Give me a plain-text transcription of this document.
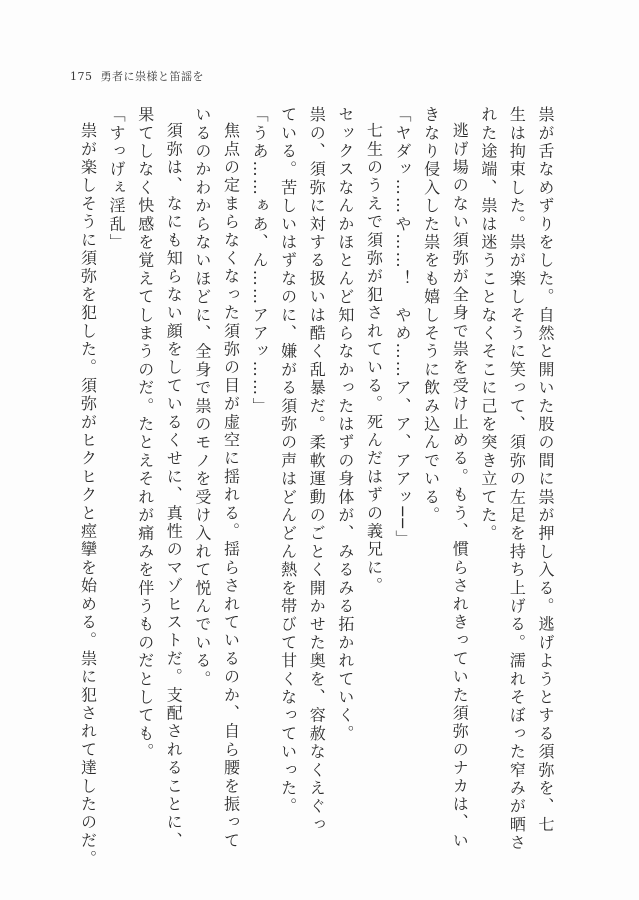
175 勇者に祟様と笛謡を
祟が舌なめずりをした。自然と開いた股の間に祟が押し入る。逃げようとする須弥を、七
生は拘束した。祟が楽しそうに笑って、須弥の左足を持ち上げる。濡れそぼった窄みが晒さ
れた途端、祟は迷うことなくそこに己を突き立てた。
逃げ場のない須弥が全身で祟を受け止める。もう、慣らされきっていた須弥のナカは、い
きなり侵入した祟をも嬉しそうに飲み込んでいる。
「ヤダッ……や……！　やめ……ア、ア、アアッ──」
七生のうえで須弥が犯されている。死んだはずの義兄に。
セックスなんかほとんど知らなかったはずの身体が、みるみる拓かれていく。
祟の、須弥に対する扱いは酷く乱暴だ。柔軟運動のごとく開かせた奥を、容赦なくえぐっ
ている。苦しいはずなのに、嫌がる須弥の声はどんどん熱を帯びて甘くなっていった。
「うあ……ぁあ、ん……アアッ……」
焦点の定まらなくなった須弥の目が虚空に揺れる。揺らされているのか、自ら腰を振って
いるのかわからないほどに、全身で祟のモノを受け入れて悦んでいる。
須弥は、なにも知らない顔をしているくせに、真性のマゾヒストだ。支配されることに、
果てしなく快感を覚えてしまうのだ。たとえそれが痛みを伴うものだとしても。
「すっげぇ淫乱」
祟が楽しそうに須弥を犯した。須弥がヒクヒクと痙攣を始める。祟に犯されて達したのだ。
